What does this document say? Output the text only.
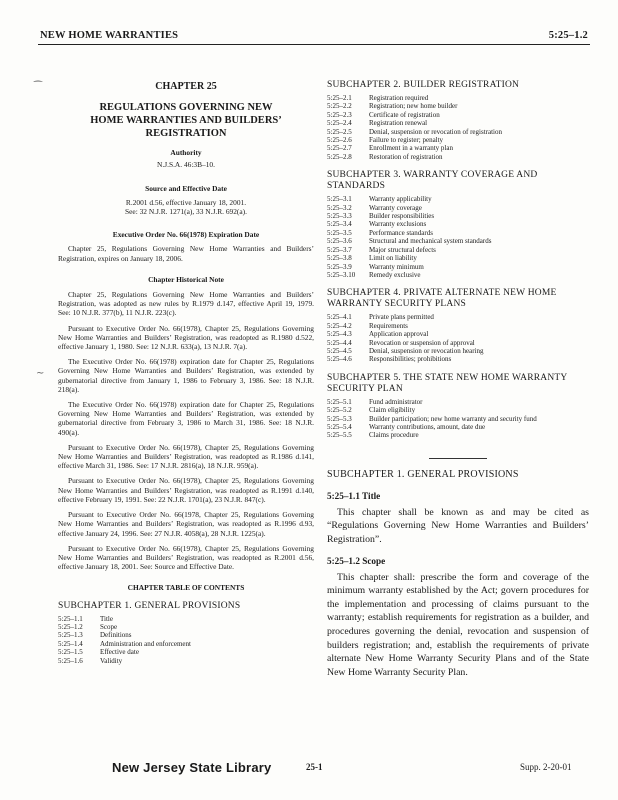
NEW HOME WARRANTIES	5:25–1.2
⁀
∼
CHAPTER 25
REGULATIONS GOVERNING NEW HOME WARRANTIES AND BUILDERS’ REGISTRATION
Authority
N.J.S.A. 46:3B–10.
Source and Effective Date
R.2001 d.56, effective January 18, 2001.
See: 32 N.J.R. 1271(a), 33 N.J.R. 692(a).
Executive Order No. 66(1978) Expiration Date

Chapter 25, Regulations Governing New Home Warranties and Builders’ Registration, expires on January 18, 2006.

Chapter Historical Note

Chapter 25, Regulations Governing New Home Warranties and Builders’ Registration, was adopted as new rules by R.1979 d.147, effective April 19, 1979. See: 10 N.J.R. 377(b), 11 N.J.R. 223(c).

Pursuant to Executive Order No. 66(1978), Chapter 25, Regulations Governing New Home Warranties and Builders’ Registration, was readopted as R.1980 d.522, effective January 1, 1980. See: 12 N.J.R. 633(a), 13 N.J.R. 7(a).

The Executive Order No. 66(1978) expiration date for Chapter 25, Regulations Governing New Home Warranties and Builders’ Registration, was extended by gubernatorial directive from January 1, 1986 to February 3, 1986. See: 18 N.J.R. 218(a).

The Executive Order No. 66(1978) expiration date for Chapter 25, Regulations Governing New Home Warranties and Builders’ Registration, was extended by gubernatorial directive from February 3, 1986 to March 31, 1986. See: 18 N.J.R. 490(a).

Pursuant to Executive Order No. 66(1978), Chapter 25, Regulations Governing New Home Warranties and Builders’ Registration, was readopted as R.1986 d.141, effective March 31, 1986. See: 17 N.J.R. 2816(a), 18 N.J.R. 959(a).

Pursuant to Executive Order No. 66(1978), Chapter 25, Regulations Governing New Home Warranties and Builders’ Registration, was readopted as R.1991 d.140, effective February 19, 1991. See: 22 N.J.R. 1701(a), 23 N.J.R. 847(c).

Pursuant to Executive Order No. 66(1978, Chapter 25, Regulations Governing New Home Warranties and Builders’ Registration, was readopted as R.1996 d.93, effective January 24, 1996. See: 27 N.J.R. 4058(a), 28 N.J.R. 1225(a).

Pursuant to Executive Order No. 66(1978), Chapter 25, Regulations Governing New Home Warranties and Builders’ Registration, was readopted as R.2001 d.56, effective January 18, 2001. See: Source and Effective Date.

CHAPTER TABLE OF CONTENTS
SUBCHAPTER 1. GENERAL PROVISIONS
5:25–1.1	Title
5:25–1.2	Scope
5:25–1.3	Definitions
5:25–1.4	Administration and enforcement
5:25–1.5	Effective date
5:25–1.6	Validity
SUBCHAPTER 2. BUILDER REGISTRATION
5:25–2.1	Registration required
5:25–2.2	Registration; new home builder
5:25–2.3	Certificate of registration
5:25–2.4	Registration renewal
5:25–2.5	Denial, suspension or revocation of registration
5:25–2.6	Failure to register; penalty
5:25–2.7	Enrollment in a warranty plan
5:25–2.8	Restoration of registration
SUBCHAPTER 3. WARRANTY COVERAGE AND STANDARDS
5:25–3.1	Warranty applicability
5:25–3.2	Warranty coverage
5:25–3.3	Builder responsibilities
5:25–3.4	Warranty exclusions
5:25–3.5	Performance standards
5:25–3.6	Structural and mechanical system standards
5:25–3.7	Major structural defects
5:25–3.8	Limit on liability
5:25–3.9	Warranty minimum
5:25–3.10	Remedy exclusive
SUBCHAPTER 4. PRIVATE ALTERNATE NEW HOME WARRANTY SECURITY PLANS
5:25–4.1	Private plans permitted
5:25–4.2	Requirements
5:25–4.3	Application approval
5:25–4.4	Revocation or suspension of approval
5:25–4.5	Denial, suspension or revocation hearing
5:25–4.6	Responsibilities; prohibitions
SUBCHAPTER 5. THE STATE NEW HOME WARRANTY SECURITY PLAN
5:25–5.1	Fund administrator
5:25–5.2	Claim eligibility
5:25–5.3	Builder participation; new home warranty and security fund
5:25–5.4	Warranty contributions, amount, date due
5:25–5.5	Claims procedure
SUBCHAPTER 1. GENERAL PROVISIONS
5:25–1.1 Title

This chapter shall be known as and may be cited as “Regulations Governing New Home Warranties and Builders’ Registration”.

5:25–1.2 Scope

This chapter shall: prescribe the form and coverage of the minimum warranty established by the Act; govern procedures for the implementation and processing of claims pursuant to the warranty; establish requirements for registration as a builder, and procedures governing the denial, revocation and suspension of builders registration; and, establish the requirements of private alternate New Home Warranty Security Plans and of the State New Home Warranty Security Plan.

New Jersey State Library	25-1	Supp. 2-20-01
